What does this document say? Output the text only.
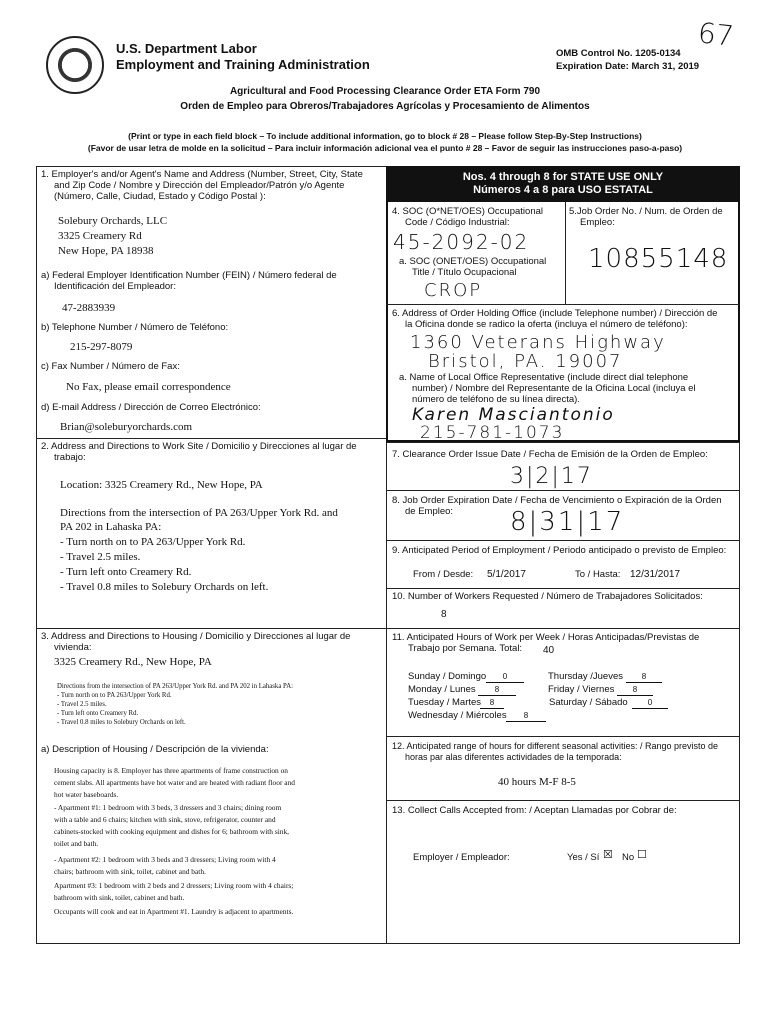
U.S. Department Labor
Employment and Training Administration
OMB Control No. 1205-0134
Expiration Date: March 31, 2019
67
Agricultural and Food Processing Clearance Order ETA Form 790
Orden de Empleo para Obreros/Trabajadores Agrícolas y Procesamiento de Alimentos
(Print or type in each field block – To include additional information, go to block # 28 – Please follow Step-By-Step Instructions)
(Favor de usar letra de molde en la solicitud – Para incluir información adicional vea el punto # 28 – Favor de seguir las instrucciones paso-a-paso)
1. Employer's and/or Agent's Name and Address (Number, Street, City, State
and Zip Code / Nombre y Dirección del Empleador/Patrón y/o Agente
(Número, Calle, Ciudad, Estado y Código Postal ):
Solebury Orchards, LLC
3325 Creamery Rd
New Hope, PA 18938
a) Federal Employer Identification Number (FEIN) / Número federal de
Identificación del Empleador:
47-2883939
b) Telephone Number / Número de Teléfono:
215-297-8079
c) Fax Number / Número de Fax:
No Fax, please email correspondence
d) E-mail Address / Dirección de Correo Electrónico:
Brian@soleburyorchards.com
2. Address and Directions to Work Site / Domicilio y Direcciones al lugar de
trabajo:
Location: 3325 Creamery Rd., New Hope, PA
Directions from the intersection of PA 263/Upper York Rd. and
PA 202 in Lahaska PA:
- Turn north on to PA 263/Upper York Rd.
- Travel 2.5 miles.
- Turn left onto Creamery Rd.
- Travel 0.8 miles to Solebury Orchards on left.
3. Address and Directions to Housing / Domicilio y Direcciones al lugar de
vivienda:
3325 Creamery Rd., New Hope, PA
Directions from the intersection of PA 263/Upper York Rd. and PA 202 in Lahaska PA:
- Turn north on to PA 263/Upper York Rd.
- Travel 2.5 miles.
- Turn left onto Creamery Rd.
- Travel 0.8 miles to Solebury Orchards on left.
a) Description of Housing / Descripción de la vivienda:
Housing capacity is 8. Employer has three apartments of frame construction on
cement slabs. All apartments have hot water and are heated with radiant floor and
hot water baseboards.
- Apartment #1: 1 bedroom with 3 beds, 3 dressers and 3 chairs; dining room
with a table and 6 chairs; kitchen with sink, stove, refrigerator, counter and
cabinets-stocked with cooking equipment and dishes for 6; bathroom with sink,
toilet and bath.
- Apartment #2: 1 bedroom with 3 beds and 3 dressers; Living room with 4
chairs; bathroom with sink, toilet, cabinet and bath.
Apartment #3: 1 bedroom with 2 beds and 2 dressers; Living room with 4 chairs;
bathroom with sink, toilet, cabinet and bath.
Occupants will cook and eat in Apartment #1. Laundry is adjacent to apartments.
Nos. 4 through 8 for STATE USE ONLY
Números 4 a 8 para USO ESTATAL
4. SOC (O*NET/OES) Occupational
Code / Código Industrial:
45-2092-02
a. SOC (ONET/OES) Occupational
Title / Título Ocupacional
CROP
5.Job Order No. / Num. de Orden de
Empleo:
10855148
6. Address of Order Holding Office (include Telephone number) / Dirección de
la Oficina donde se radico la oferta (incluya el número de teléfono):
1360 Veterans Highway
Bristol, PA. 19007
a. Name of Local Office Representative (include direct dial telephone
number) / Nombre del Representante de la Oficina Local (incluya el
número de teléfono de su línea directa).
Karen Masciantonio
215-781-1073
7. Clearance Order Issue Date / Fecha de Emisión de la Orden de Empleo:
3|2|17
8. Job Order Expiration Date / Fecha de Vencimiento o Expiración de la Orden
de Empleo: 8|31|17
9. Anticipated Period of Employment / Periodo anticipado o previsto de Empleo:
From / Desde: 5/1/2017	To / Hasta: 12/31/2017
10. Number of Workers Requested / Número de Trabajadores Solicitados:
8
11. Anticipated Hours of Work per Week / Horas Anticipadas/Previstas de
Trabajo por Semana. Total: 40
Sunday / Domingo	0
Monday / Lunes	8
Tuesday / Martes	8
Wednesday / Miércoles	8
Thursday /Jueves	8
Friday / Viernes	8
Saturday / Sábado	0
12. Anticipated range of hours for different seasonal activities: / Rango previsto de
horas par alas diferentes actividades de la temporada:
40 hours M-F 8-5
13. Collect Calls Accepted from: / Aceptan Llamadas por Cobrar de:
Employer / Empleador:	Yes / Sí ☒ No ☐
